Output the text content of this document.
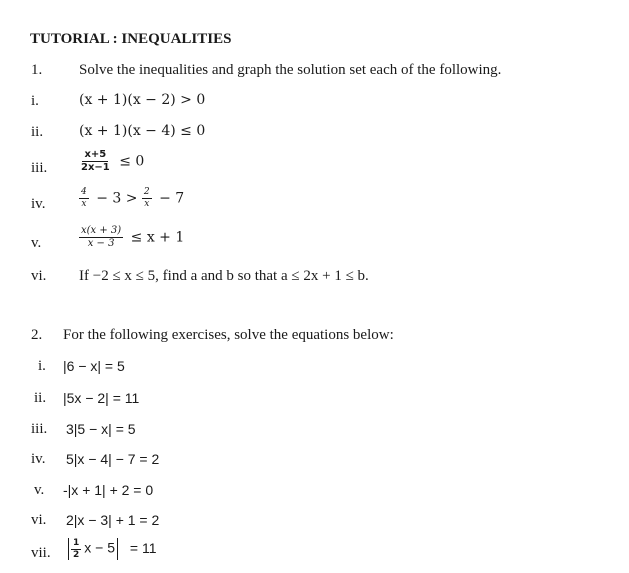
TUTORIAL : INEQUALITIES
1. Solve the inequalities and graph the solution set each of the following.
i.	(x + 1)(x − 2) > 0
ii.	(x + 1)(x − 4) ≤ 0
iii.	$\frac{x+5}{2x-1} \le 0$
iv.	$\frac{4}{x} - 3 > \frac{2}{x} - 7$
v.	$\frac{x(x + 3)}{x - 3} \le x + 1$
vi. If −2 ≤ x ≤ 5, find a and b so that a ≤ 2x + 1 ≤ b.
2. For the following exercises, solve the equations below:
i. |6 − x| = 5
ii. |5x − 2| = 11
iii. 3|5 − x| = 5
iv. 5|x − 4| − 7 = 2
v. -|x + 1| + 2 = 0
vi. 2|x − 3| + 1 = 2
vii. $\frac{1}{2}$ x − 5 = 11
